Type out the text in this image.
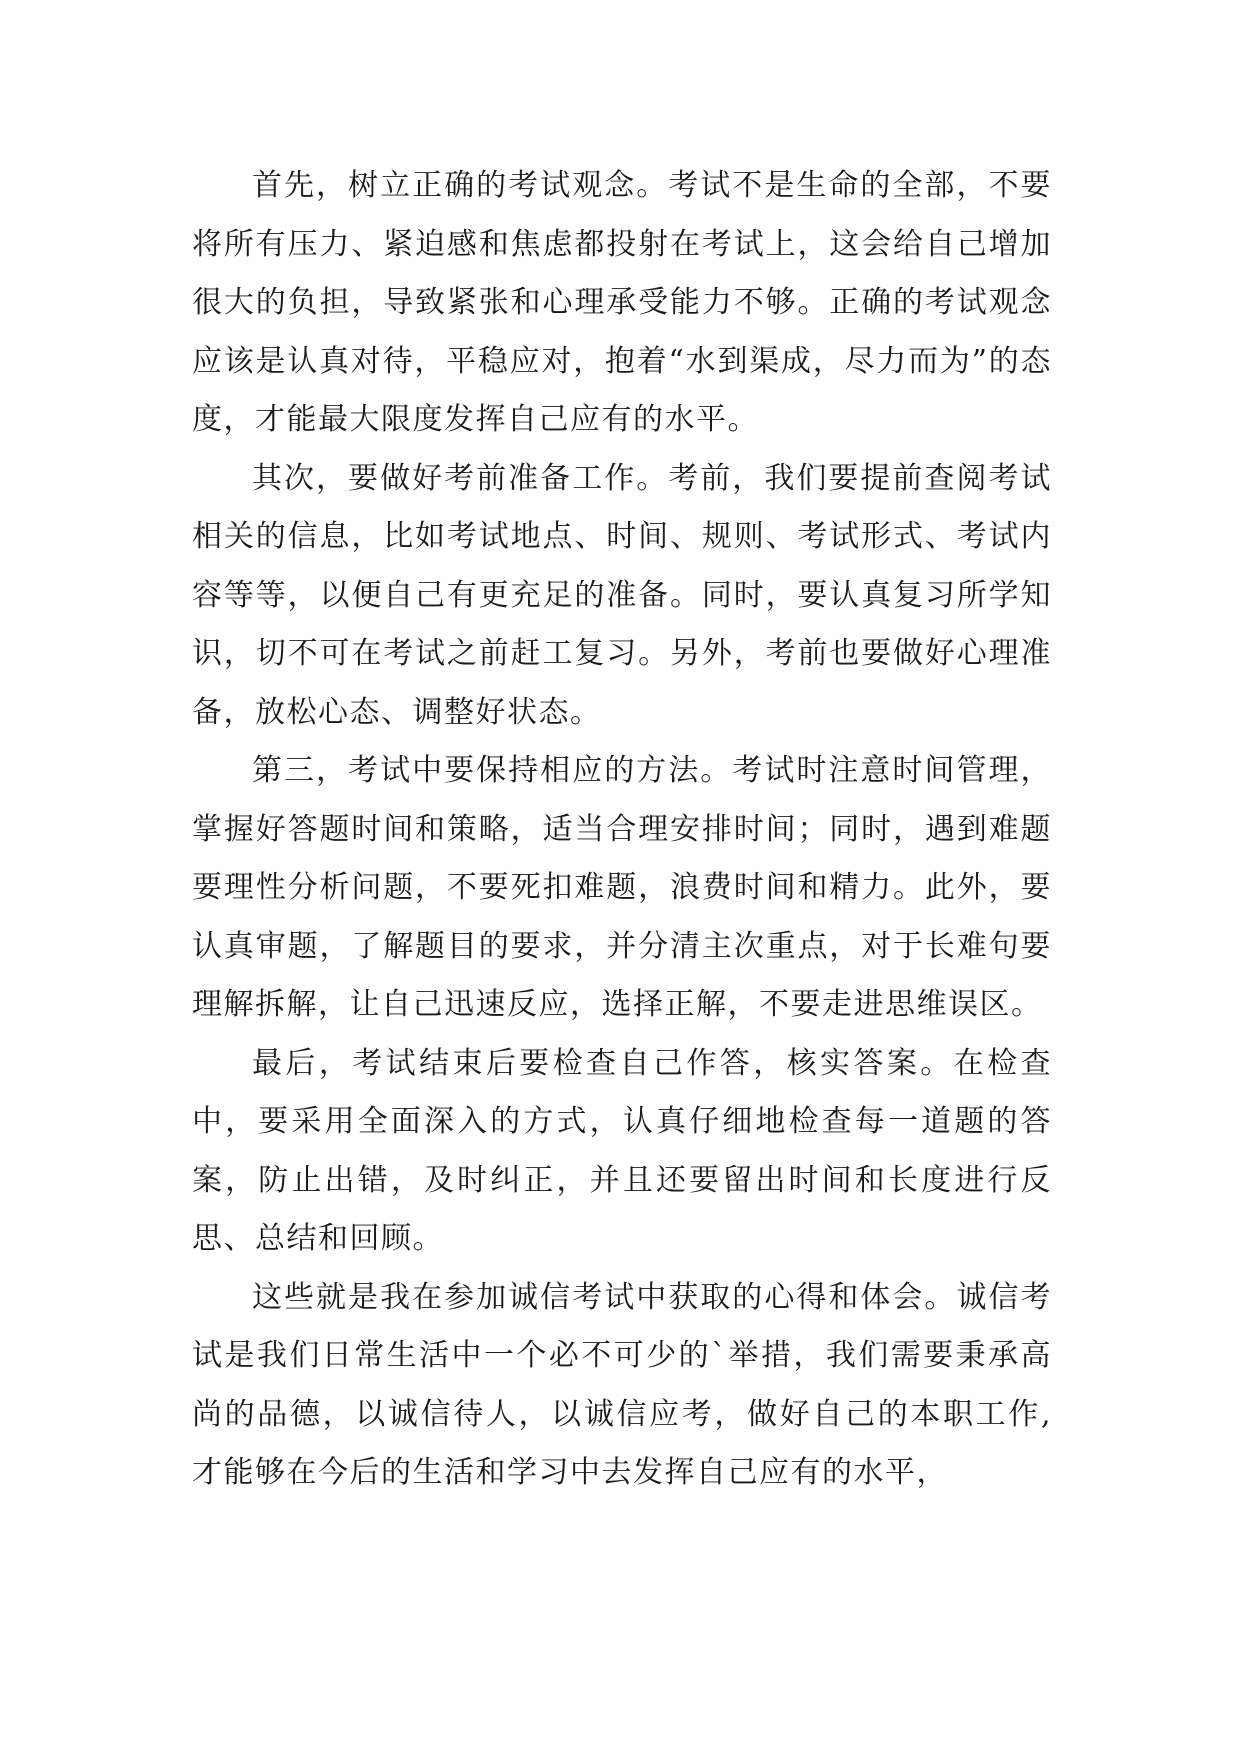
首先，树立正确的考试观念。考试不是生命的全部，不要将所有压力、紧迫感和焦虑都投射在考试上，这会给自己增加很大的负担，导致紧张和心理承受能力不够。正确的考试观念应该是认真对待，平稳应对，抱着“水到渠成，尽力而为”的态度，才能最大限度发挥自己应有的水平。

其次，要做好考前准备工作。考前，我们要提前查阅考试相关的信息，比如考试地点、时间、规则、考试形式、考试内容等等，以便自己有更充足的准备。同时，要认真复习所学知识，切不可在考试之前赶工复习。另外，考前也要做好心理准备，放松心态、调整好状态。

第三，考试中要保持相应的方法。考试时注意时间管理，掌握好答题时间和策略，适当合理安排时间；同时，遇到难题要理性分析问题，不要死扣难题，浪费时间和精力。此外，要认真审题，了解题目的要求，并分清主次重点，对于长难句要理解拆解，让自己迅速反应，选择正解，不要走进思维误区。

最后，考试结束后要检查自己作答，核实答案。在检查中，要采用全面深入的方式，认真仔细地检查每一道题的答案，防止出错，及时纠正，并且还要留出时间和长度进行反思、总结和回顾。

这些就是我在参加诚信考试中获取的心得和体会。诚信考试是我们日常生活中一个必不可少的`举措，我们需要秉承高尚的品德，以诚信待人，以诚信应考，做好自己的本职工作,才能够在今后的生活和学习中去发挥自己应有的水平，
